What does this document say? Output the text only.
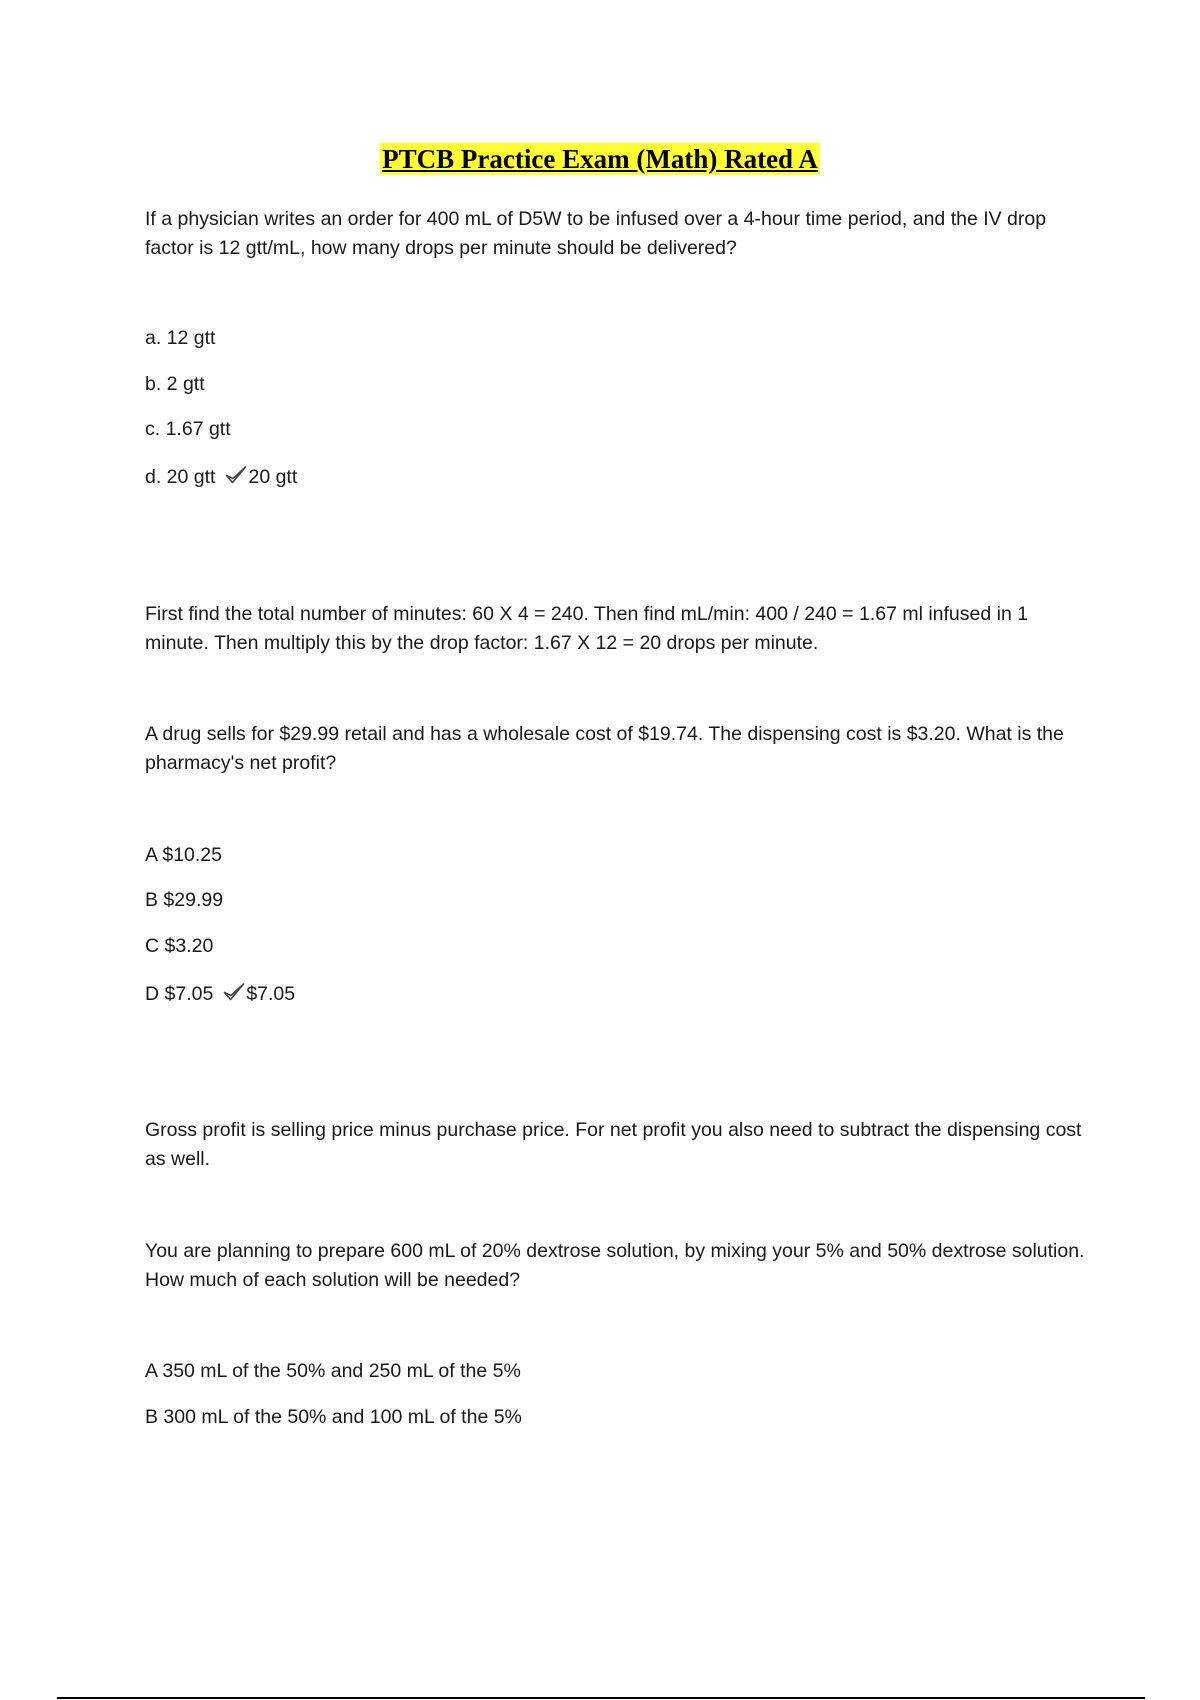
PTCB Practice Exam (Math) Rated A
If a physician writes an order for 400 mL of D5W to be infused over a 4-hour time period, and the IV drop factor is 12 gtt/mL, how many drops per minute should be delivered?
a. 12 gtt
b. 2 gtt
c. 1.67 gtt
d. 20 gtt 20 gtt
First find the total number of minutes: 60 X 4 = 240. Then find mL/min: 400 / 240 = 1.67 ml infused in 1 minute. Then multiply this by the drop factor: 1.67 X 12 = 20 drops per minute.
A drug sells for $29.99 retail and has a wholesale cost of $19.74. The dispensing cost is $3.20. What is the pharmacy's net profit?
A $10.25
B $29.99
C $3.20
D $7.05 $7.05
Gross profit is selling price minus purchase price. For net profit you also need to subtract the dispensing cost as well.
You are planning to prepare 600 mL of 20% dextrose solution, by mixing your 5% and 50% dextrose solution. How much of each solution will be needed?
A 350 mL of the 50% and 250 mL of the 5%
B 300 mL of the 50% and 100 mL of the 5%
